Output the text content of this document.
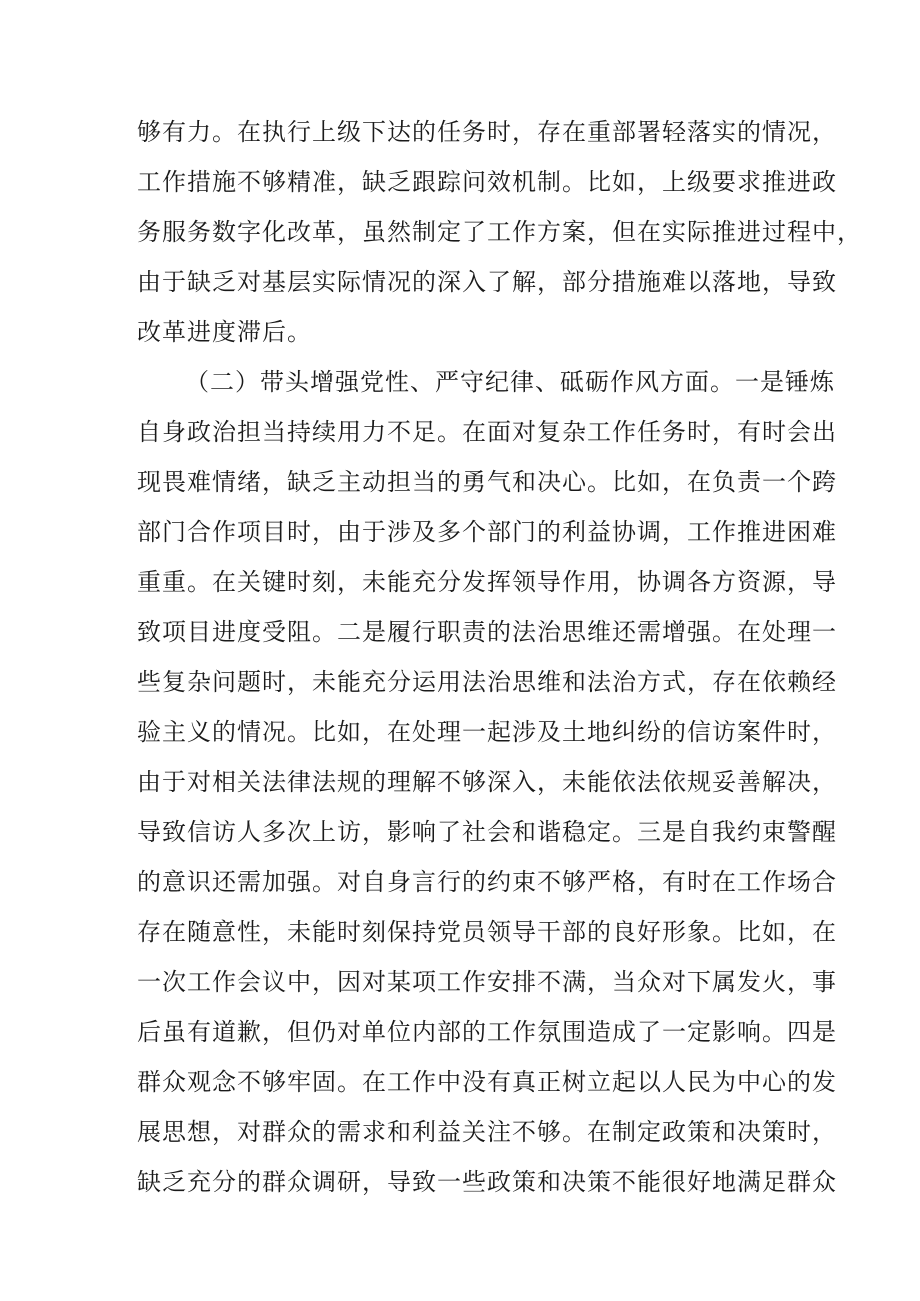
够有力。在执行上级下达的任务时，存在重部署轻落实的情况，
工作措施不够精准，缺乏跟踪问效机制。比如，上级要求推进政
务服务数字化改革，虽然制定了工作方案，但在实际推进过程中，
由于缺乏对基层实际情况的深入了解，部分措施难以落地，导致
改革进度滞后。
（二）带头增强党性、严守纪律、砥砺作风方面。一是锤炼
自身政治担当持续用力不足。在面对复杂工作任务时，有时会出
现畏难情绪，缺乏主动担当的勇气和决心。比如，在负责一个跨
部门合作项目时，由于涉及多个部门的利益协调，工作推进困难
重重。在关键时刻，未能充分发挥领导作用，协调各方资源，导
致项目进度受阻。二是履行职责的法治思维还需增强。在处理一
些复杂问题时，未能充分运用法治思维和法治方式，存在依赖经
验主义的情况。比如，在处理一起涉及土地纠纷的信访案件时，
由于对相关法律法规的理解不够深入，未能依法依规妥善解决，
导致信访人多次上访，影响了社会和谐稳定。三是自我约束警醒
的意识还需加强。对自身言行的约束不够严格，有时在工作场合
存在随意性，未能时刻保持党员领导干部的良好形象。比如，在
一次工作会议中，因对某项工作安排不满，当众对下属发火，事
后虽有道歉，但仍对单位内部的工作氛围造成了一定影响。四是
群众观念不够牢固。在工作中没有真正树立起以人民为中心的发
展思想，对群众的需求和利益关注不够。在制定政策和决策时，
缺乏充分的群众调研，导致一些政策和决策不能很好地满足群众
